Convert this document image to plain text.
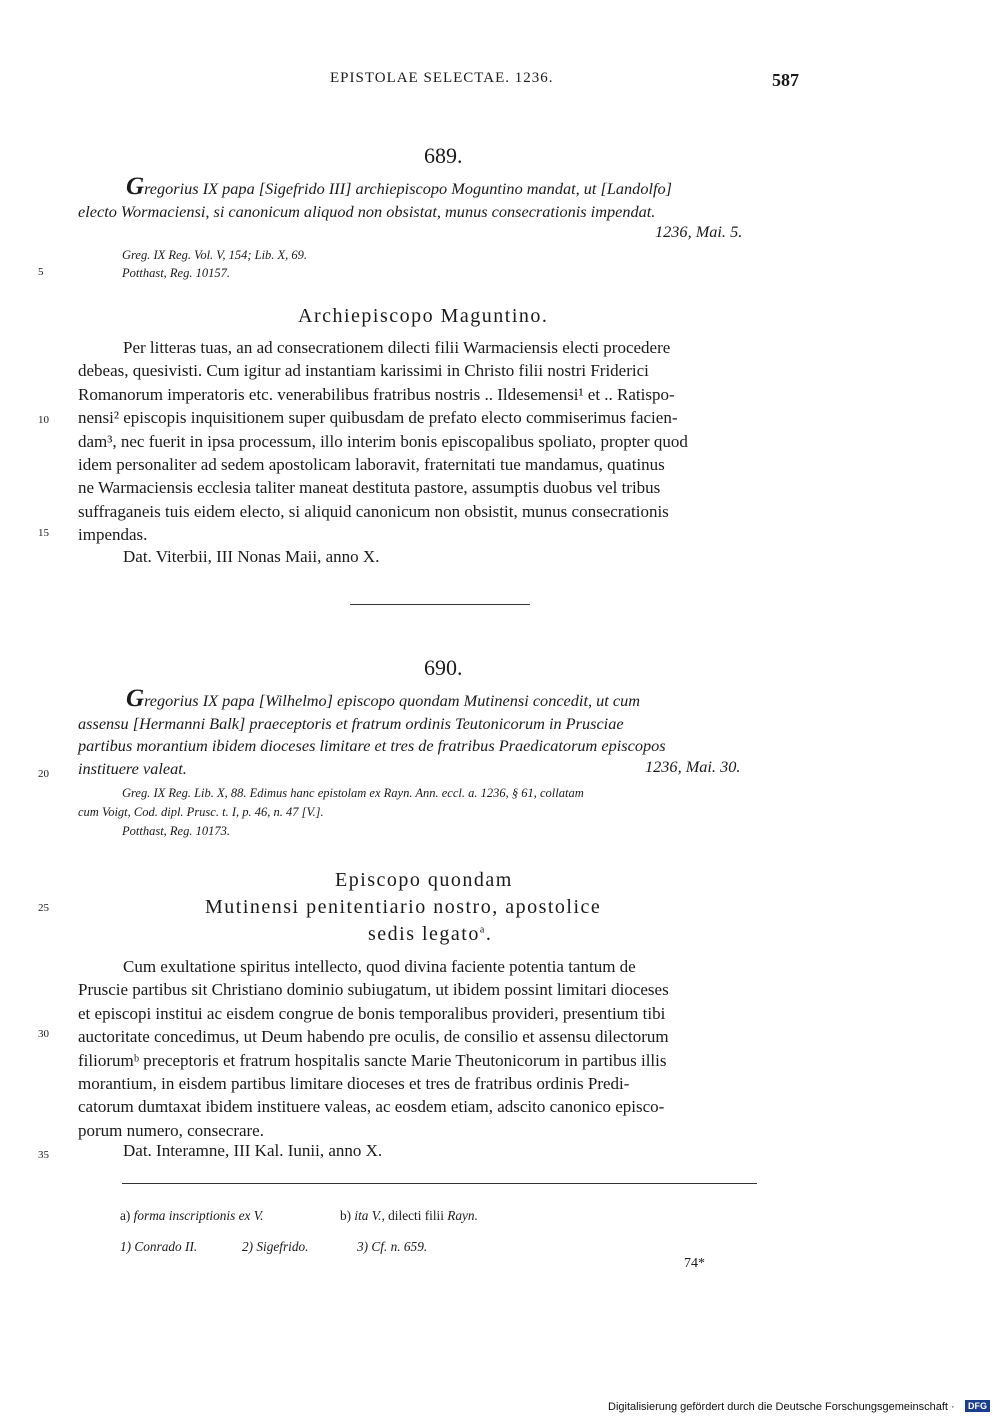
EPISTOLAE SELECTAE. 1236.	587
689.
Gregorius IX papa [Sigefrido III] archiepiscopo Moguntino mandat, ut [Landolfo]
electo Wormaciensi, si canonicum aliquod non obsistat, munus consecrationis impendat.
1236, Mai. 5.
Greg. IX Reg. Vol. V, 154; Lib. X, 69.
Potthast, Reg. 10157.
Archiepiscopo Maguntino.

Per litteras tuas, an ad consecrationem dilecti filii Warmaciensis electi procedere

debeas, quesivisti. Cum igitur ad instantiam karissimi in Christo filii nostri Friderici

Romanorum imperatoris etc. venerabilibus fratribus nostris .. Ildesemensi¹ et .. Ratispo-

nensi² episcopis inquisitionem super quibusdam de prefato electo commiserimus facien-

dam³, nec fuerit in ipsa processum, illo interim bonis episcopalibus spoliato, propter quod

idem personaliter ad sedem apostolicam laboravit, fraternitati tue mandamus, quatinus

ne Warmaciensis ecclesia taliter maneat destituta pastore, assumptis duobus vel tribus

suffraganeis tuis eidem electo, si aliquid canonicum non obsistit, munus consecrationis

impendas.

Dat. Viterbii, III Nonas Maii, anno X.
690.
Gregorius IX papa [Wilhelmo] episcopo quondam Mutinensi concedit, ut cum
assensu [Hermanni Balk] praeceptoris et fratrum ordinis Teutonicorum in Prusciae
partibus morantium ibidem dioceses limitare et tres de fratribus Praedicatorum episcopos
instituere valeat.	1236, Mai. 30.
Greg. IX Reg. Lib. X, 88. Edimus hanc epistolam ex Rayn. Ann. eccl. a. 1236, § 61, collatam
cum Voigt, Cod. dipl. Prusc. t. I, p. 46, n. 47 [V.].
Potthast, Reg. 10173.
Episcopo quondam
Mutinensi penitentiario nostro, apostolice
sedis legato$^a$.

Cum exultatione spiritus intellecto, quod divina faciente potentia tantum de

Pruscie partibus sit Christiano dominio subiugatum, ut ibidem possint limitari dioceses

et episcopi institui ac eisdem congrue de bonis temporalibus provideri, presentium tibi

auctoritate concedimus, ut Deum habendo pre oculis, de consilio et assensu dilectorum

filiorumᵇ preceptoris et fratrum hospitalis sancte Marie Theutonicorum in partibus illis

morantium, in eisdem partibus limitare dioceses et tres de fratribus ordinis Predi-

catorum dumtaxat ibidem instituere valeas, ac eosdem etiam, adscito canonico episco-

porum numero, consecrare.

Dat. Interamne, III Kal. Iunii, anno X.
5
10
15
20
25
30
35
a) forma inscriptionis ex V.	b) ita V., dilecti filii Rayn.
1) Conrado II.	2) Sigefrido.	3) Cf. n. 659.
74*
Digitalisierung gefördert durch die Deutsche Forschungsgemeinschaft ·	DFG
